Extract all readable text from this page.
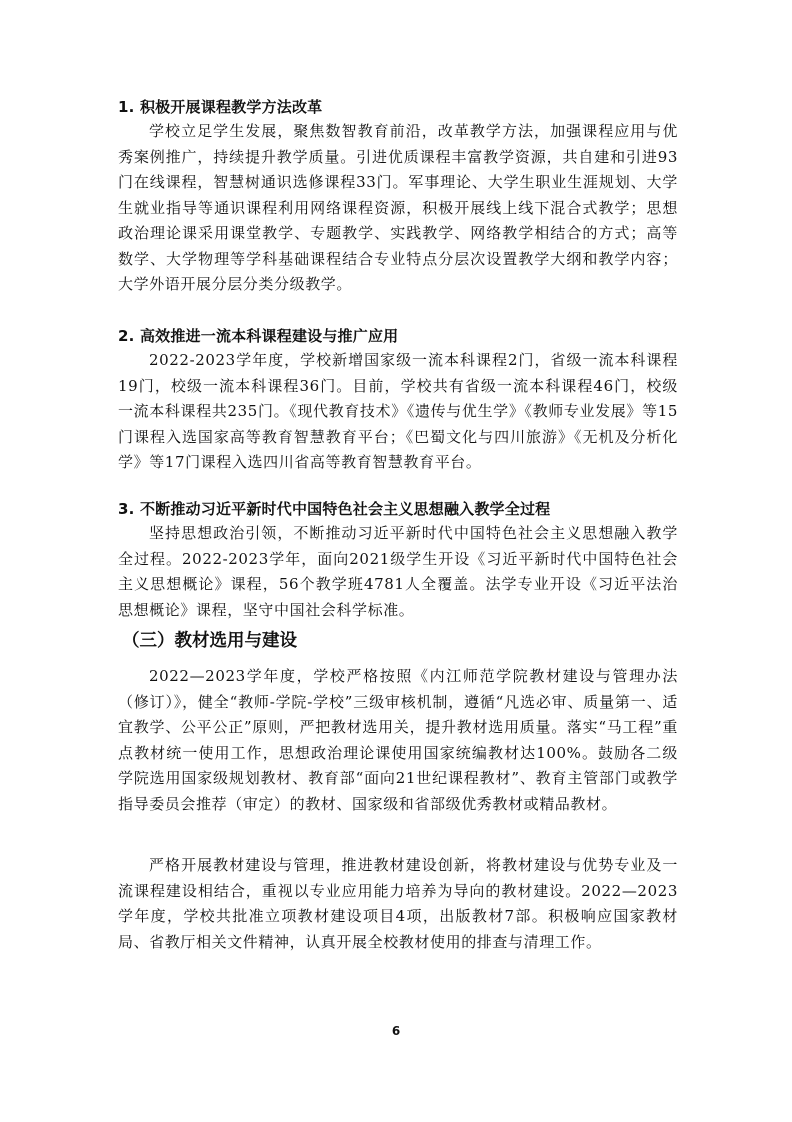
1. 积极开展课程教学方法改革
学校立足学生发展，聚焦数智教育前沿，改革教学方法，加强课程应用与优秀案例推广，持续提升教学质量。引进优质课程丰富教学资源，共自建和引进93门在线课程，智慧树通识选修课程33门。军事理论、大学生职业生涯规划、大学生就业指导等通识课程利用网络课程资源，积极开展线上线下混合式教学；思想政治理论课采用课堂教学、专题教学、实践教学、网络教学相结合的方式；高等数学、大学物理等学科基础课程结合专业特点分层次设置教学大纲和教学内容；大学外语开展分层分类分级教学。
2. 高效推进一流本科课程建设与推广应用
2022-2023学年度，学校新增国家级一流本科课程2门，省级一流本科课程19门，校级一流本科课程36门。目前，学校共有省级一流本科课程46门，校级一流本科课程共235门。《现代教育技术》《遗传与优生学》《教师专业发展》等15门课程入选国家高等教育智慧教育平台；《巴蜀文化与四川旅游》《无机及分析化学》等17门课程入选四川省高等教育智慧教育平台。
3. 不断推动习近平新时代中国特色社会主义思想融入教学全过程
坚持思想政治引领，不断推动习近平新时代中国特色社会主义思想融入教学全过程。2022-2023学年，面向2021级学生开设《习近平新时代中国特色社会主义思想概论》课程，56个教学班4781人全覆盖。法学专业开设《习近平法治思想概论》课程，坚守中国社会科学标准。
（三）教材选用与建设
2022—2023学年度，学校严格按照《内江师范学院教材建设与管理办法（修订）》，健全“教师-学院-学校”三级审核机制，遵循“凡选必审、质量第一、适宜教学、公平公正”原则，严把教材选用关，提升教材选用质量。落实“马工程”重点教材统一使用工作，思想政治理论课使用国家统编教材达100%。鼓励各二级学院选用国家级规划教材、教育部“面向21世纪课程教材”、教育主管部门或教学指导委员会推荐（审定）的教材、国家级和省部级优秀教材或精品教材。
严格开展教材建设与管理，推进教材建设创新，将教材建设与优势专业及一流课程建设相结合，重视以专业应用能力培养为导向的教材建设。2022—2023学年度，学校共批准立项教材建设项目4项，出版教材7部。积极响应国家教材局、省教厅相关文件精神，认真开展全校教材使用的排查与清理工作。
6
